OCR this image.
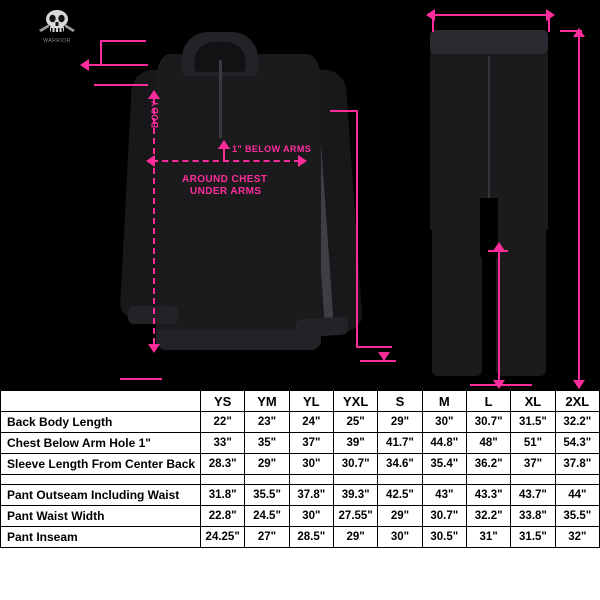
WARRIOR
BODY
1" BELOW ARMS
AROUND CHEST
UNDER ARMS
	YS	YM	YL	YXL	S	M	L	XL	2XL
Back Body Length	22"	23"	24"	25"	29"	30"	30.7"	31.5"	32.2"
Chest Below Arm Hole 1"	33"	35"	37"	39"	41.7"	44.8"	48"	51"	54.3"
Sleeve Length From Center Back	28.3"	29"	30"	30.7"	34.6"	35.4"	36.2"	37"	37.8"

Pant Outseam Including Waist	31.8"	35.5"	37.8"	39.3"	42.5"	43"	43.3"	43.7"	44"
Pant Waist Width	22.8"	24.5"	30"	27.55"	29"	30.7"	32.2"	33.8"	35.5"
Pant Inseam	24.25"	27"	28.5"	29"	30"	30.5"	31"	31.5"	32"
